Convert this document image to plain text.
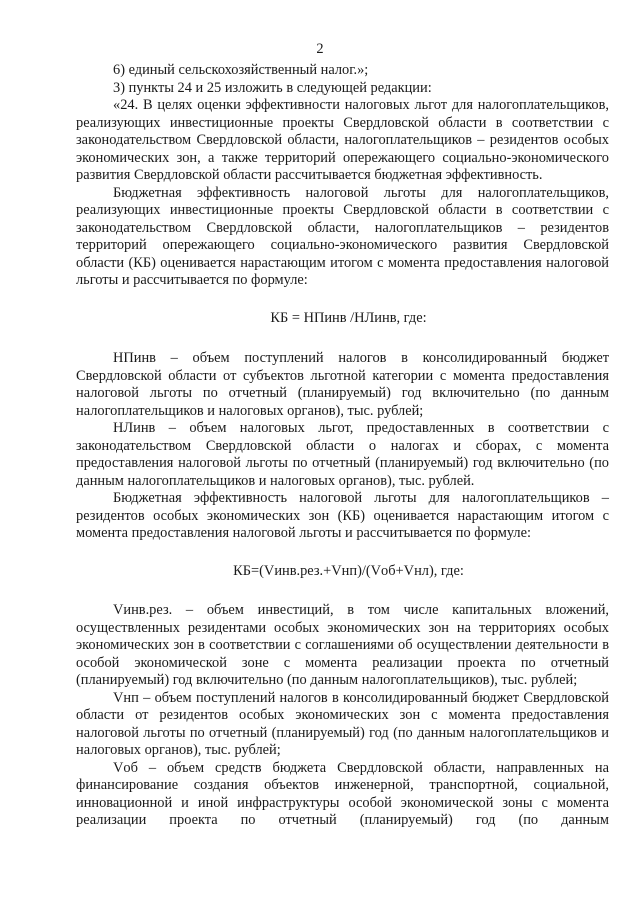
2

6) единый сельскохозяйственный налог.»;

3) пункты 24 и 25 изложить в следующей редакции:

«24. В целях оценки эффективности налоговых льгот для налогоплательщиков, реализующих инвестиционные проекты Свердловской области в соответствии с законодательством Свердловской области, налогоплательщиков – резидентов особых экономических зон, а также территорий опережающего социально-экономического развития Свердловской области рассчитывается бюджетная эффективность.

Бюджетная эффективность налоговой льготы для налогоплательщиков, реализующих инвестиционные проекты Свердловской области в соответствии с законодательством Свердловской области, налогоплательщиков – резидентов территорий опережающего социально-экономического развития Свердловской области (КБ) оценивается нарастающим итогом с момента предоставления налоговой льготы и рассчитывается по формуле:

КБ = НПинв /НЛинв, где:

НПинв – объем поступлений налогов в консолидированный бюджет Свердловской области от субъектов льготной категории с момента предоставления налоговой льготы по отчетный (планируемый) год включительно (по данным налогоплательщиков и налоговых органов), тыс. рублей;

НЛинв – объем налоговых льгот, предоставленных в соответствии с законодательством Свердловской области о налогах и сборах, с момента предоставления налоговой льготы по отчетный (планируемый) год включительно (по данным налогоплательщиков и налоговых органов), тыс. рублей.

Бюджетная эффективность налоговой льготы для налогоплательщиков – резидентов особых экономических зон (КБ) оценивается нарастающим итогом с момента предоставления налоговой льготы и рассчитывается по формуле:

КБ=(Vинв.рез.+Vнп)/(Vоб+Vнл), где:

Vинв.рез. – объем инвестиций, в том числе капитальных вложений, осуществленных резидентами особых экономических зон на территориях особых экономических зон в соответствии с соглашениями об осуществлении деятельности в особой экономической зоне с момента реализации проекта по отчетный (планируемый) год включительно (по данным налогоплательщиков), тыс. рублей;

Vнп – объем поступлений налогов в консолидированный бюджет Свердловской области от резидентов особых экономических зон с момента предоставления налоговой льготы по отчетный (планируемый) год (по данным налогоплательщиков и налоговых органов), тыс. рублей;

Vоб – объем средств бюджета Свердловской области, направленных на финансирование создания объектов инженерной, транспортной, социальной, инновационной и иной инфраструктуры особой экономической зоны с момента реализации проекта по отчетный (планируемый) год (по данным
